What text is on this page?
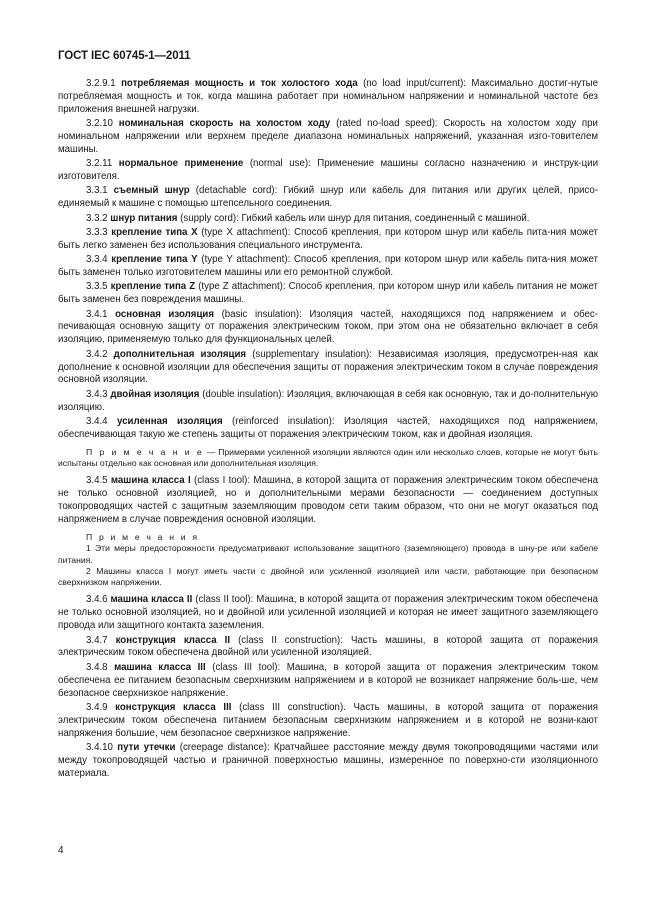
ГОСТ IEC 60745-1—2011

3.2.9.1 потребляемая мощность и ток холостого хода (no load input/current): Максимально достиг-нутые потребляемая мощность и ток, когда машина работает при номинальном напряжении и номинальной частоте без приложения внешней нагрузки.

3.2.10 номинальная скорость на холостом ходу (rated no-load speed): Скорость на холостом ходу при номинальном напряжении или верхнем пределе диапазона номинальных напряжений, указанная изго-товителем машины.

3.2.11 нормальное применение (normal use): Применение машины согласно назначению и инструк-ции изготовителя.

3.3.1 съемный шнур (detachable cord): Гибкий шнур или кабель для питания или других целей, присо-единяемый к машине с помощью штепсельного соединения.

3.3.2 шнур питания (supply cord): Гибкий кабель или шнур для питания, соединенный с машиной.

3.3.3 крепление типа X (type X attachment): Способ крепления, при котором шнур или кабель пита-ния может быть легко заменен без использования специального инструмента.

3.3.4 крепление типа Y (type Y attachment): Способ крепления, при котором шнур или кабель пита-ния может быть заменен только изготовителем машины или его ремонтной службой.

3.3.5 крепление типа Z (type Z attachment): Способ крепления, при котором шнур или кабель питания не может быть заменен без повреждения машины.

3.4.1 основная изоляция (basic insulation): Изоляция частей, находящихся под напряжением и обес-печивающая основную защиту от поражения электрическим током, при этом она не обязательно включает в себя изоляцию, применяемую только для функциональных целей.

3.4.2 дополнительная изоляция (supplementary insulation): Независимая изоляция, предусмотрен-ная как дополнение к основной изоляции для обеспечения защиты от поражения электрическим током в случае повреждения основной изоляции.

3.4.3 двойная изоляция (double insulation): Изоляция, включающая в себя как основную, так и до-полнительную изоляцию.

3.4.4 усиленная изоляция (reinforced insulation): Изоляция частей, находящихся под напряжением, обеспечивающая такую же степень защиты от поражения электрическим током, как и двойная изоляция.

П р и м е ч а н и е — Примерами усиленной изоляции являются один или несколько слоев, которые не могут быть испытаны отдельно как основная или дополнительная изоляция.

3.4.5 машина класса I (class I tool): Машина, в которой защита от поражения электрическим током обеспечена не только основной изоляцией, но и дополнительными мерами безопасности — соединением доступных токопроводящих частей с защитным заземляющим проводом сети таким образом, что они не могут оказаться под напряжением в случае повреждения основной изоляции.

П р и м е ч а н и я

1 Эти меры предосторожности предусматривают использование защитного (заземляющего) провода в шну-ре или кабеле питания.

2 Машины класса I могут иметь части с двойной или усиленной изоляцией или части, работающие при безопасном сверхнизком напряжении.

3.4.6 машина класса II (class II tool): Машина, в которой защита от поражения электрическим током обеспечена не только основной изоляцией, но и двойной или усиленной изоляцией и которая не имеет защитного заземляющего провода или защитного контакта заземления.

3.4.7 конструкция класса II (class II construction): Часть машины, в которой защита от поражения электрическим током обеспечена двойной или усиленной изоляцией.

3.4.8 машина класса III (class III tool): Машина, в которой защита от поражения электрическим током обеспечена ее питанием безопасным сверхнизким напряжением и в которой не возникает напряжение боль-ше, чем безопасное сверхнизкое напряжение.

3.4.9 конструкция класса III (class III construction). Часть машины, в которой защита от поражения электрическим током обеспечена питанием безопасным сверхнизким напряжением и в которой не возни-кают напряжения большие, чем безопасное сверхнизкое напряжение.

3.4.10 пути утечки (creepage distance): Кратчайшее расстояние между двумя токопроводящими частями или между токопроводящей частью и граничной поверхностью машины, измеренное по поверхно-сти изоляционного материала.

4
